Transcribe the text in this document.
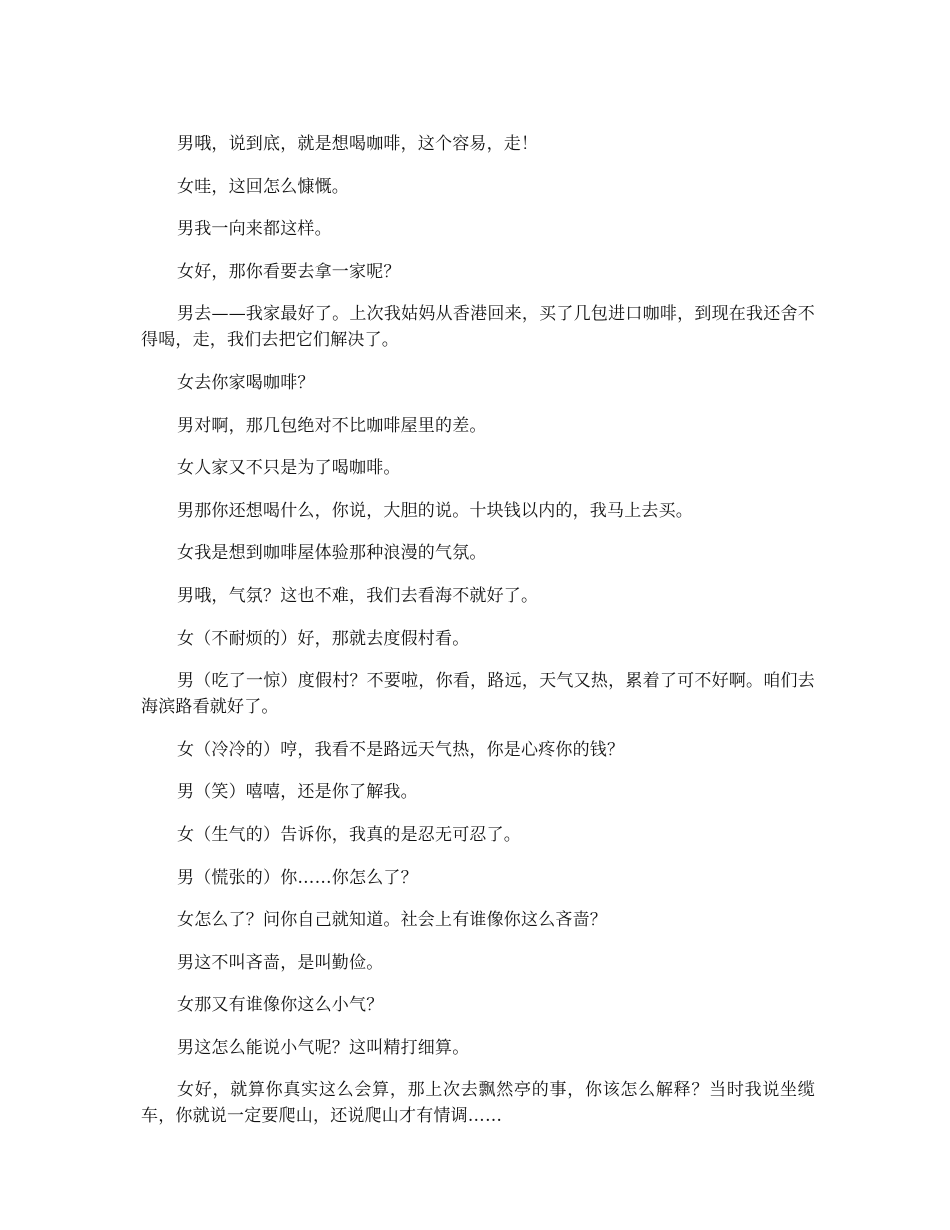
男哦，说到底，就是想喝咖啡，这个容易，走！

女哇，这回怎么慷慨。

男我一向来都这样。

女好，那你看要去拿一家呢？

男去——我家最好了。上次我姑妈从香港回来，买了几包进口咖啡，到现在我还舍不得喝，走，我们去把它们解决了。

女去你家喝咖啡？

男对啊，那几包绝对不比咖啡屋里的差。

女人家又不只是为了喝咖啡。

男那你还想喝什么，你说，大胆的说。十块钱以内的，我马上去买。

女我是想到咖啡屋体验那种浪漫的气氛。

男哦，气氛？这也不难，我们去看海不就好了。

女（不耐烦的）好，那就去度假村看。

男（吃了一惊）度假村？不要啦，你看，路远，天气又热，累着了可不好啊。咱们去海滨路看就好了。

女（冷冷的）哼，我看不是路远天气热，你是心疼你的钱？

男（笑）嘻嘻，还是你了解我。

女（生气的）告诉你，我真的是忍无可忍了。

男（慌张的）你……你怎么了？

女怎么了？问你自己就知道。社会上有谁像你这么吝啬？

男这不叫吝啬，是叫勤俭。

女那又有谁像你这么小气？

男这怎么能说小气呢？这叫精打细算。

女好，就算你真实这么会算，那上次去飘然亭的事，你该怎么解释？当时我说坐缆车，你就说一定要爬山，还说爬山才有情调……
